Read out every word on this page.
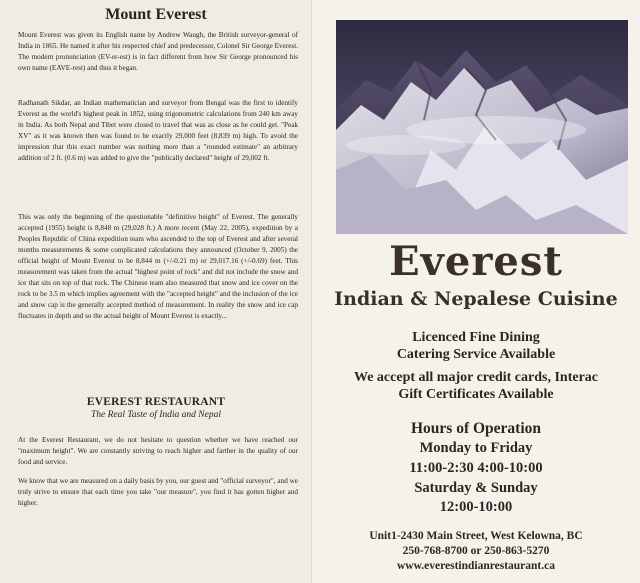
Mount Everest

Mount Everest was given its English name by Andrew Waugh, the British surveyor-general of India in 1865. He named it after his respected chief and predecessor, Colonel Sir George Everest. The modern pronunciation (EV-er-est) is in fact different from how Sir George pronounced his own name (EAVE-rest) and thus it began.

Radhanath Sikdar, an Indian mathematician and surveyor from Bengal was the first to identify Everest as the world's highest peak in 1852, using trigonometric calculations from 240 km away in India. As both Nepal and Tibet were closed to travel that was as close as he could get. "Peak XV" as it was known then was found to be exactly 29,000 feet (8,839 m) high. To avoid the impression that this exact number was nothing more than a "rounded estimate" an arbitrary addition of 2 ft. (0.6 m) was added to give the "publically declared" height of 29,002 ft.

This was only the beginning of the questionable "definitive height" of Everest. The generally accepted (1955) height is 8,848 m (29,028 ft.) A more recent (May 22, 2005), expedition by a Peoples Republic of China expedition team who ascended to the top of Everest and after several months measurements & some complicated calculations they announced (October 9, 2005) the official height of Mount Everest to be 8,844 m (+/-0.21 m) or 29,017.16 (+/-0.69) feet. This measurement was taken from the actual "highest point of rock" and did not include the snow and ice that sits on top of that rock. The Chinese team also measured that snow and ice cover on the rock to be 3.5 m which implies agreement with the "accepted height" and the inclusion of the ice and snow cap is the generally accepted method of measurement. In reality the snow and ice cap fluctuates in depth and so the actual height of Mount Everest is exactly...

EVEREST RESTAURANT
The Real Taste of India and Nepal

At the Everest Restaurant, we do not hesitate to question whether we have reached our "maximum height". We are constantly striving to reach higher and farther in the quality of our food and service.

We know that we are measured on a daily basis by you, our guest and "official surveyor", and we truly strive to ensure that each time you take "our measure", you find it has gotten higher and higher.

Everest
Indian & Nepalese Cuisine
Licenced Fine Dining
Catering Service Available
We accept all major credit cards, Interac
Gift Certificates Available
Hours of Operation
Monday to Friday
11:00-2:30 4:00-10:00
Saturday & Sunday
12:00-10:00
Unit1-2430 Main Street, West Kelowna, BC
250-768-8700 or 250-863-5270
www.everestindianrestaurant.ca
